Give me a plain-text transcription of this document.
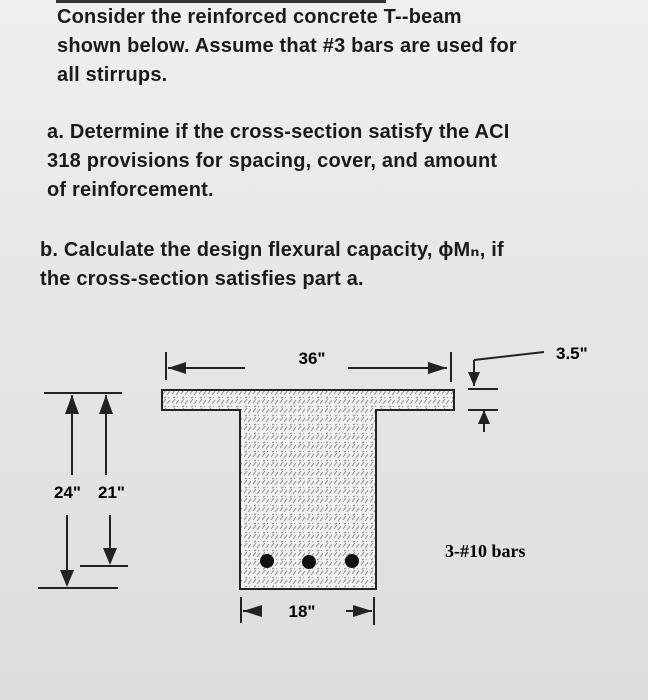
Consider the reinforced concrete T--beam
shown below. Assume that #3 bars are used for
all stirrups.

a. Determine if the cross-section satisfy the ACI
318 provisions for spacing, cover, and amount
of reinforcement.

b. Calculate the design flexural capacity, ϕMₙ, if
the cross-section satisfies part a.

36"	3.5"
24" 21"
18"
3-#10 bars
